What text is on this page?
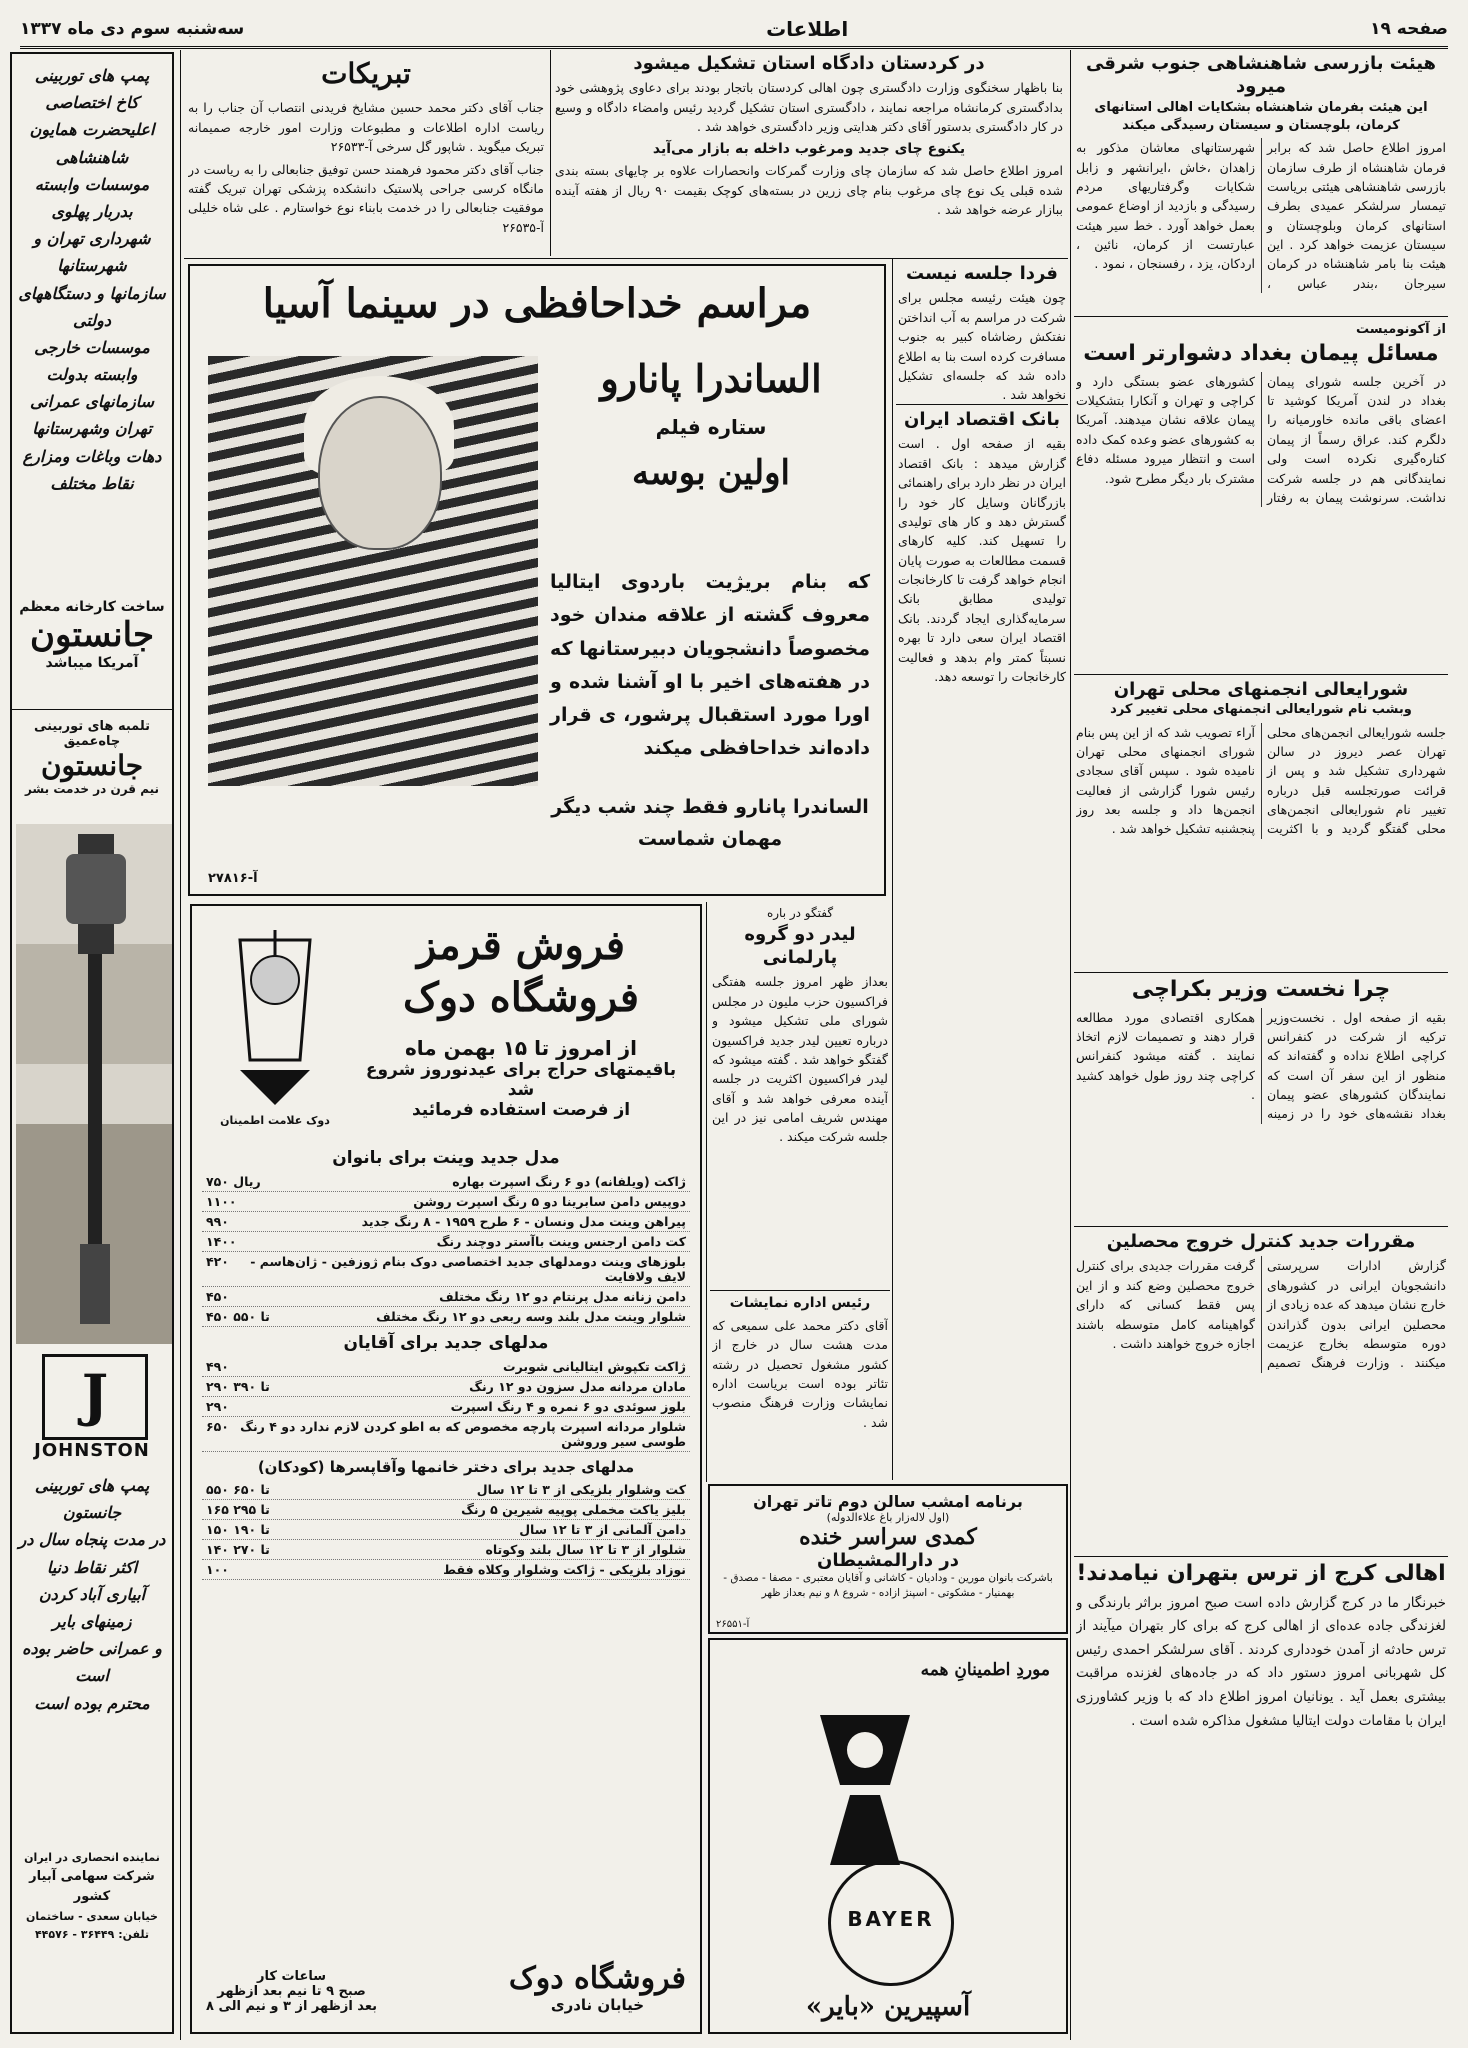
صفحه ۱۹
اطلاعات
سه‌شنبه سوم دی ماه ۱۳۳۷
هیئت بازرسی شاهنشاهی جنوب شرقی میرود
این هیئت بفرمان شاهنشاه بشکایات اهالی استانهای کرمان، بلوچستان و سیستان رسیدگی میکند

امروز اطلاع حاصل شد که برابر فرمان شاهنشاه از طرف سازمان بازرسی شاهنشاهی هیئتی بریاست تیمسار سرلشکر عمیدی بطرف استانهای کرمان وبلوچستان و سیستان عزیمت خواهد کرد . این هیئت بنا بامر شاهنشاه در کرمان سیرجان ،بندر عباس ، شهرستانهای معاشان مذکور به زاهدان ،خاش ،ایرانشهر و زابل شکایات وگرفتاریهای مردم رسیدگی و بازدید از اوضاع عمومی بعمل خواهد آورد . خط سیر هیئت عبارتست از کرمان، نائین ، اردکان، یزد ، رفسنجان ، نمود .

از آکونومیست
مسائل پیمان بغداد دشوارتر است

در آخرین جلسه شورای پیمان بغداد در لندن آمریکا کوشید تا اعضای باقی مانده خاورمیانه را دلگرم کند. عراق رسماً از پیمان کناره‌گیری نکرده است ولی نمایندگانی هم در جلسه شرکت نداشت. سرنوشت پیمان به رفتار کشورهای عضو بستگی دارد و کراچی و تهران و آنکارا بتشکیلات پیمان علاقه نشان میدهند. آمریکا به کشورهای عضو وعده کمک داده است و انتظار میرود مسئله دفاع مشترک بار دیگر مطرح شود.

شورایعالی انجمنهای محلی تهران
وبشب نام شورایعالی انجمنهای محلی تغییر کرد

جلسه شورایعالی انجمن‌های محلی تهران عصر دیروز در سالن شهرداری تشکیل شد و پس از قرائت صورتجلسه قبل درباره تغییر نام شورایعالی انجمن‌های محلی گفتگو گردید و با اکثریت آراء تصویب شد که از این پس بنام شورای انجمنهای محلی تهران نامیده شود . سپس آقای سجادی رئیس شورا گزارشی از فعالیت انجمن‌ها داد و جلسه بعد روز پنجشنبه تشکیل خواهد شد .

چرا نخست وزیر بکراچی

بقیه از صفحه اول . نخست‌وزیر ترکیه از شرکت در کنفرانس کراچی اطلاع نداده و گفته‌اند که منظور از این سفر آن است که نمایندگان کشورهای عضو پیمان بغداد نقشه‌های خود را در زمینه همکاری اقتصادی مورد مطالعه قرار دهند و تصمیمات لازم اتخاذ نمایند . گفته میشود کنفرانس کراچی چند روز طول خواهد کشید .

مقررات جدید کنترل خروج محصلین

گزارش ادارات سرپرستی دانشجویان ایرانی در کشورهای خارج نشان میدهد که عده زیادی از محصلین ایرانی بدون گذراندن دوره متوسطه بخارج عزیمت میکنند . وزارت فرهنگ تصمیم گرفت مقررات جدیدی برای کنترل خروج محصلین وضع کند و از این پس فقط کسانی که دارای گواهینامه کامل متوسطه باشند اجازه خروج خواهند داشت .

اهالی کرج از ترس بتهران نیامدند!

خبرنگار ما در کرج گزارش داده است صبح امروز براثر بارندگی و لغزندگی جاده عده‌ای از اهالی کرج که برای کار بتهران میآیند از ترس حادثه از آمدن خودداری کردند . آقای سرلشکر احمدی رئیس کل شهربانی امروز دستور داد که در جاده‌های لغزنده مراقبت بیشتری بعمل آید . یونانیان امروز اطلاع داد که با وزیر کشاورزی ایران با مقامات دولت ایتالیا مشغول مذاکره شده است .

در کردستان دادگاه استان تشکیل میشود

بنا باظهار سخنگوی وزارت دادگستری چون اهالی کردستان باتجار بودند برای دعاوی پژوهشی خود بدادگستری کرمانشاه مراجعه نمایند ، دادگستری استان تشکیل گردید رئیس وامضاء دادگاه و وسیع در کار دادگستری بدستور آقای دکتر هدایتی وزیر دادگستری خواهد شد .

یکنوع چای جدید ومرغوب داخله به بازار می‌آید

امروز اطلاع حاصل شد که سازمان چای وزارت گمرکات وانحصارات علاوه بر چایهای بسته بندی شده قبلی یک نوع چای مرغوب بنام چای زرین در بسته‌های کوچک بقیمت ۹۰ ریال از هفته آینده ببازار عرضه خواهد شد .

تبریکات

جناب آقای دکتر محمد حسین مشایخ فریدنی انتصاب آن جناب را به ریاست اداره اطلاعات و مطبوعات وزارت امور خارجه صمیمانه تبریک میگوید . شاپور گل سرخی آ-۲۶۵۳۳

جناب آقای دکتر محمود فرهمند حسن توفیق جنابعالی را به ریاست در مانگاه کرسی جراحی پلاستیک دانشکده پزشکی تهران تبریک گفته موفقیت جنابعالی را در خدمت بابناء نوع خواستارم . علی شاه خلیلی آ-۲۶۵۳۵

فردا جلسه نیست

چون هیئت رئیسه مجلس برای شرکت در مراسم به آب انداختن نفتکش رضاشاه کبیر به جنوب مسافرت کرده است بنا به اطلاع داده شد که جلسه‌ای تشکیل نخواهد شد .

بانک اقتصاد ایران

بقیه از صفحه اول . است گزارش میدهد : بانک اقتصاد ایران در نظر دارد برای راهنمائی بازرگانان وسایل کار خود را گسترش دهد و کار های تولیدی را تسهیل کند. کلیه کارهای قسمت مطالعات به صورت پایان انجام خواهد گرفت تا کارخانجات تولیدی مطابق بانک سرمایه‌گذاری ایجاد گردند. بانک اقتصاد ایران سعی دارد تا بهره نسبتاً کمتر وام بدهد و فعالیت کارخانجات را توسعه دهد.

مراسم خداحافظی در سینما آسیا
الساندرا پانارو
ستاره فیلم
اولین بوسه
که بنام بریژیت باردوی ایتالیا معروف گشته از علاقه مندان خود مخصوصاً دانشجویان دبیرستانها که در هفته‌های اخیر با او آشنا شده و اورا مورد استقبال پرشور، ی قرار داده‌اند خداحافظی میکند
الساندرا پانارو فقط چند شب دیگر
مهمان شماست
آ-۲۷۸۱۶
گفتگو در باره
لیدر دو گروه پارلمانی

بعداز ظهر امروز جلسه هفتگی فراکسیون حزب ملیون در مجلس شورای ملی تشکیل میشود و درباره تعیین لیدر جدید فراکسیون گفتگو خواهد شد . گفته میشود که لیدر فراکسیون اکثریت در جلسه آینده معرفی خواهد شد و آقای مهندس شریف امامی نیز در این جلسه شرکت میکند .

رئیس اداره نمایشات

آقای دکتر محمد علی سمیعی که مدت هشت سال در خارج از کشور مشغول تحصیل در رشته تئاتر بوده است بریاست اداره نمایشات وزارت فرهنگ منصوب شد .

دوک علامت اطمینان
فروش قرمز فروشگاه دوک
از امروز تا ۱۵ بهمن ماه
باقیمتهای حراج برای عیدنوروز شروع شد
از فرصت استفاده فرمائید
مدل جدید وینت برای بانوان
ژاکت (ویلفانه) دو ۶ رنگ اسپرت بهاره
۷۵۰ ریال
دوپیس دامن سابرینا دو ۵ رنگ اسپرت روشن
۱۱۰۰
پیراهن وینت مدل ونسان - ۶ طرح ۱۹۵۹ - ۸ رنگ جدید
۹۹۰
کت دامن ارجنس وینت باآستر دوچند رنگ
۱۴۰۰
بلوزهای وینت دومدلهای جدید اختصاصی دوک بنام ژوزفین - ژان‌هاسم - لایف ولافایت
۴۲۰
دامن زنانه مدل پرنتام دو ۱۲ رنگ مختلف
۴۵۰
شلوار وینت مدل بلند وسه ربعی دو ۱۲ رنگ مختلف
۴۵۰ تا ۵۵۰
مدلهای جدید برای آقایان
ژاکت تکپوش ایتالیانی شوبرت
۴۹۰
مادان مردانه مدل سزون دو ۱۲ رنگ
۲۹۰ تا ۳۹۰
بلوز سوئدی دو ۶ نمره و ۴ رنگ اسپرت
۲۹۰
شلوار مردانه اسپرت پارچه مخصوص که به اطو کردن لازم ندارد دو ۴ رنگ طوسی سیر وروشن
۶۵۰
مدلهای جدید برای دختر خانمها وآقاپسرها (کودکان)
کت وشلوار بلزیکی از ۳ تا ۱۲ سال
۵۵۰ تا ۶۵۰
بلیز یاکت مخملی پوپیه شیرین ۵ رنگ
۱۶۵ تا ۲۹۵
دامن آلمانی از ۳ تا ۱۲ سال
۱۵۰ تا ۱۹۰
شلوار از ۳ تا ۱۲ سال بلند وکوتاه
۱۴۰ تا ۲۷۰
نوزاد بلزیکی - ژاکت وشلوار وکلاه فقط
۱۰۰
فروشگاه دوک
خیابان نادری
ساعات کار
صبح ۹ تا نیم بعد ازظهر
بعد ازظهر از ۳ و نیم الی ۸
برنامه امشب سالن دوم تاتر تهران
(اول لاله‌زار باغ علاءالدوله)
کمدی سراسر خنده
در دارالمشیطان
باشرکت بانوان مورین - ودادیان - کاشانی و آقایان معتبری - مصفا - مصدق - بهمنیار - مشکوتی - اسپنژ ازاده - شروع ۸ و نیم بعداز ظهر
آ-۲۶۵۵۱
موردِ اطمینانِ همه
BAYER
آسپیرین «بایر»
پمپ های توربینی
کاخ اختصاصی
اعلیحضرت همایون شاهنشاهی
موسسات وابسته بدربار پهلوی
شهرداری تهران و شهرستانها
سازمانها و دستگاههای دولتی
موسسات خارجی وابسته بدولت
سازمانهای عمرانی تهران وشهرستانها
دهات وباغات ومزارع نقاط مختلف
ساخت کارخانه معظم
جانستون
آمریکا میباشد
تلمبه های توربینی چاه‌عمیق
جانستون
نیم قرن در خدمت بشر
J
JOHNSTON
پمپ های توربینی
جانستون
در مدت پنجاه سال در اکثر نقاط دنیا
آبیاری آباد کردن زمینهای بایر
و عمرانی حاضر بوده است
محترم بوده است
نماینده انحصاری در ایران
شرکت سهامی آبیار کشور
خیابان سعدی - ساختمان
تلفن: ۳۶۴۴۹ - ۴۴۵۷۶
